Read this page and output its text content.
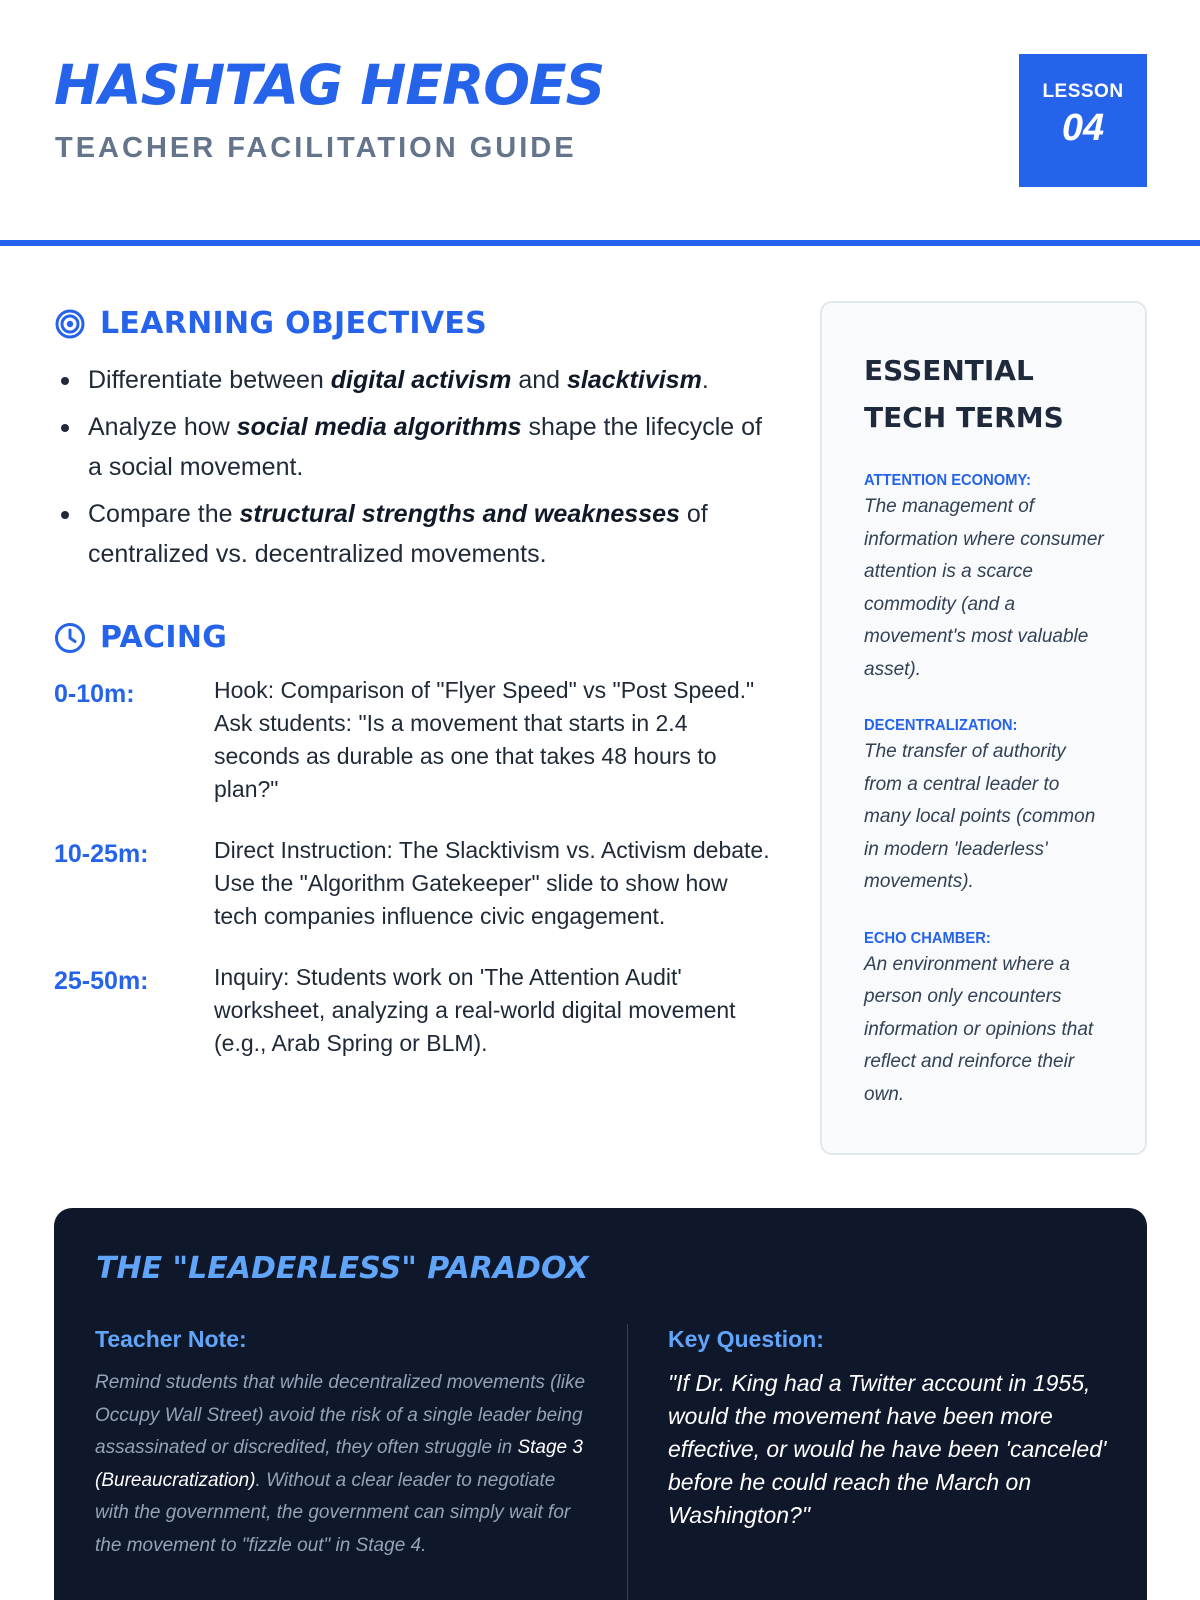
HASHTAG HEROES
TEACHER FACILITATION GUIDE
LESSON
04
LEARNING OBJECTIVES
Differentiate between digital activism and slacktivism.
Analyze how social media algorithms shape the lifecycle of a social movement.
Compare the structural strengths and weaknesses of centralized vs. decentralized movements.
PACING
0-10m:	Hook: Comparison of "Flyer Speed" vs "Post Speed." Ask students: "Is a movement that starts in 2.4 seconds as durable as one that takes 48 hours to plan?"
10-25m:	Direct Instruction: The Slacktivism vs. Activism debate. Use the "Algorithm Gatekeeper" slide to show how tech companies influence civic engagement.
25-50m:	Inquiry: Students work on 'The Attention Audit' worksheet, analyzing a real-world digital movement (e.g., Arab Spring or BLM).
ESSENTIAL
TECH TERMS
ATTENTION ECONOMY:
The management of information where consumer attention is a scarce commodity (and a movement's most valuable asset).
DECENTRALIZATION:
The transfer of authority from a central leader to many local points (common in modern 'leaderless' movements).
ECHO CHAMBER:
An environment where a person only encounters information or opinions that reflect and reinforce their own.
THE "LEADERLESS" PARADOX
Teacher Note:
Remind students that while decentralized movements (like Occupy Wall Street) avoid the risk of a single leader being assassinated or discredited, they often struggle in Stage 3 (Bureaucratization). Without a clear leader to negotiate with the government, the government can simply wait for the movement to "fizzle out" in Stage 4.
Key Question:
"If Dr. King had a Twitter account in 1955, would the movement have been more effective, or would he have been 'canceled' before he could reach the March on Washington?"
